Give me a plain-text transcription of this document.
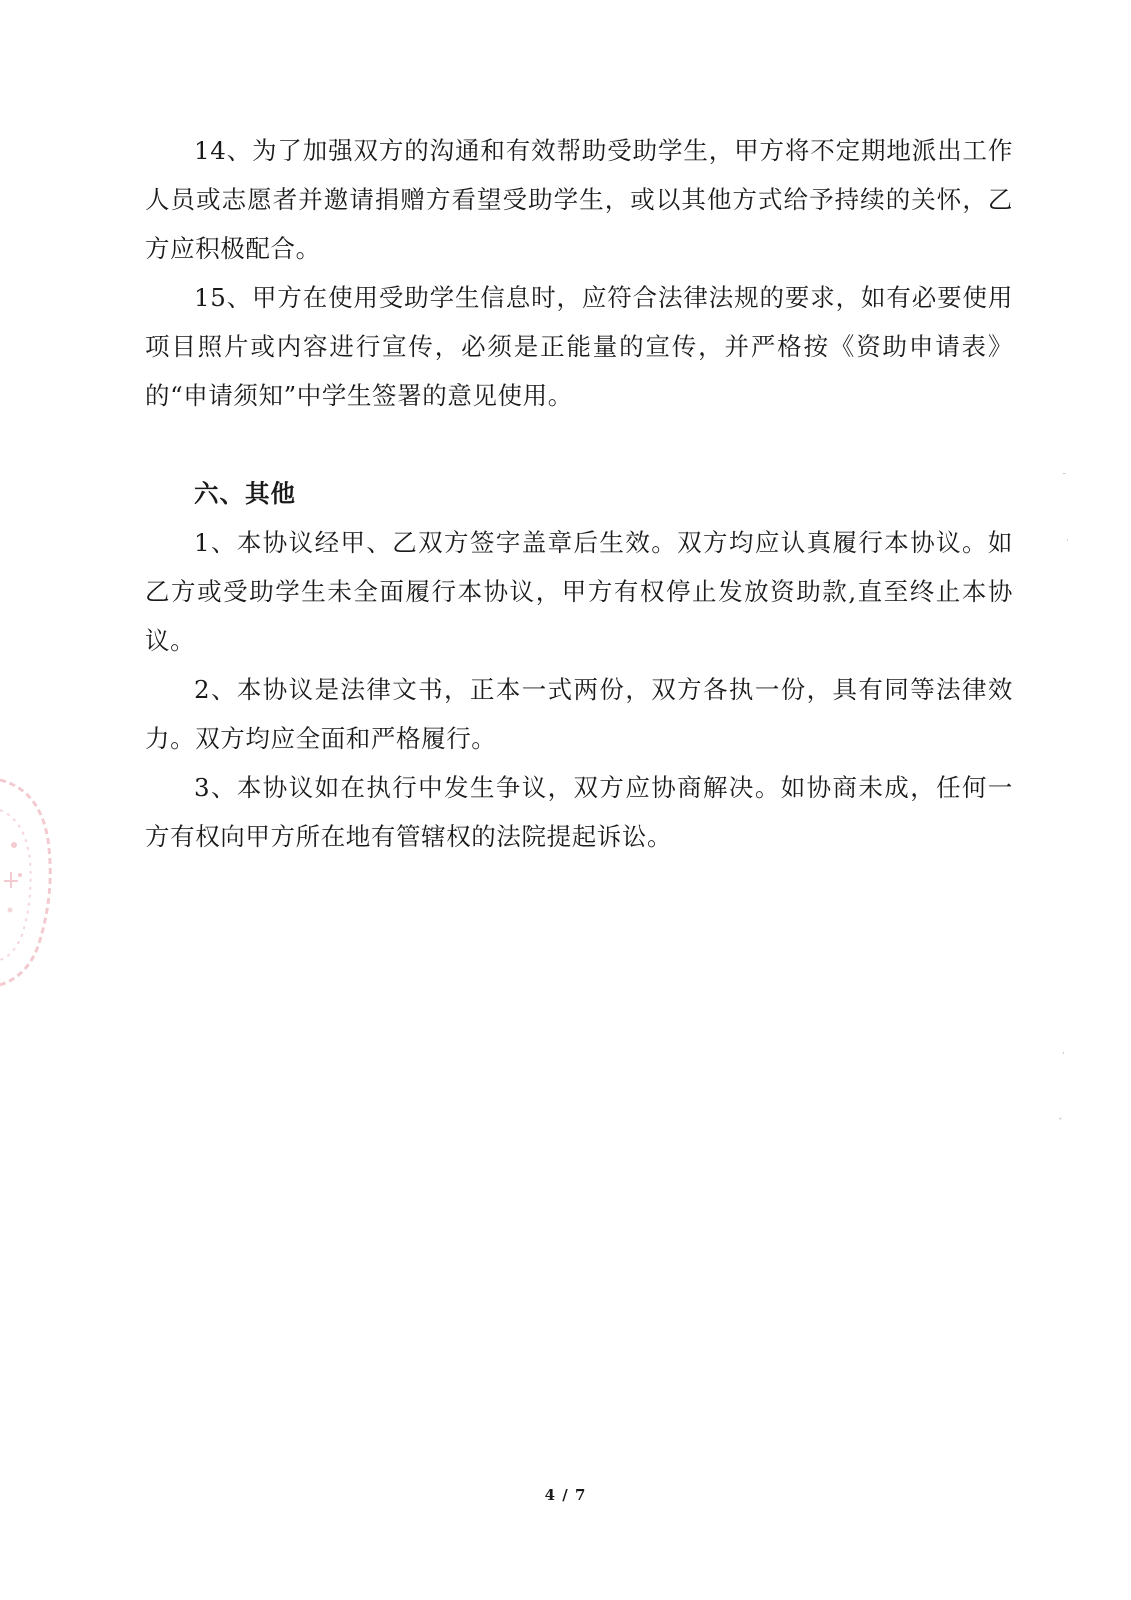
˜
·
ˈ
˯

14、为了加强双方的沟通和有效帮助受助学生，甲方将不定期地派出工作人员或志愿者并邀请捐赠方看望受助学生，或以其他方式给予持续的关怀，乙方应积极配合。

15、甲方在使用受助学生信息时，应符合法律法规的要求，如有必要使用项目照片或内容进行宣传，必须是正能量的宣传，并严格按《资助申请表》的“申请须知”中学生签署的意见使用。

六、其他

1、本协议经甲、乙双方签字盖章后生效。双方均应认真履行本协议。如乙方或受助学生未全面履行本协议，甲方有权停止发放资助款,直至终止本协议。

2、本协议是法律文书，正本一式两份，双方各执一份，具有同等法律效力。双方均应全面和严格履行。

3、本协议如在执行中发生争议，双方应协商解决。如协商未成，任何一方有权向甲方所在地有管辖权的法院提起诉讼。

4 / 7
